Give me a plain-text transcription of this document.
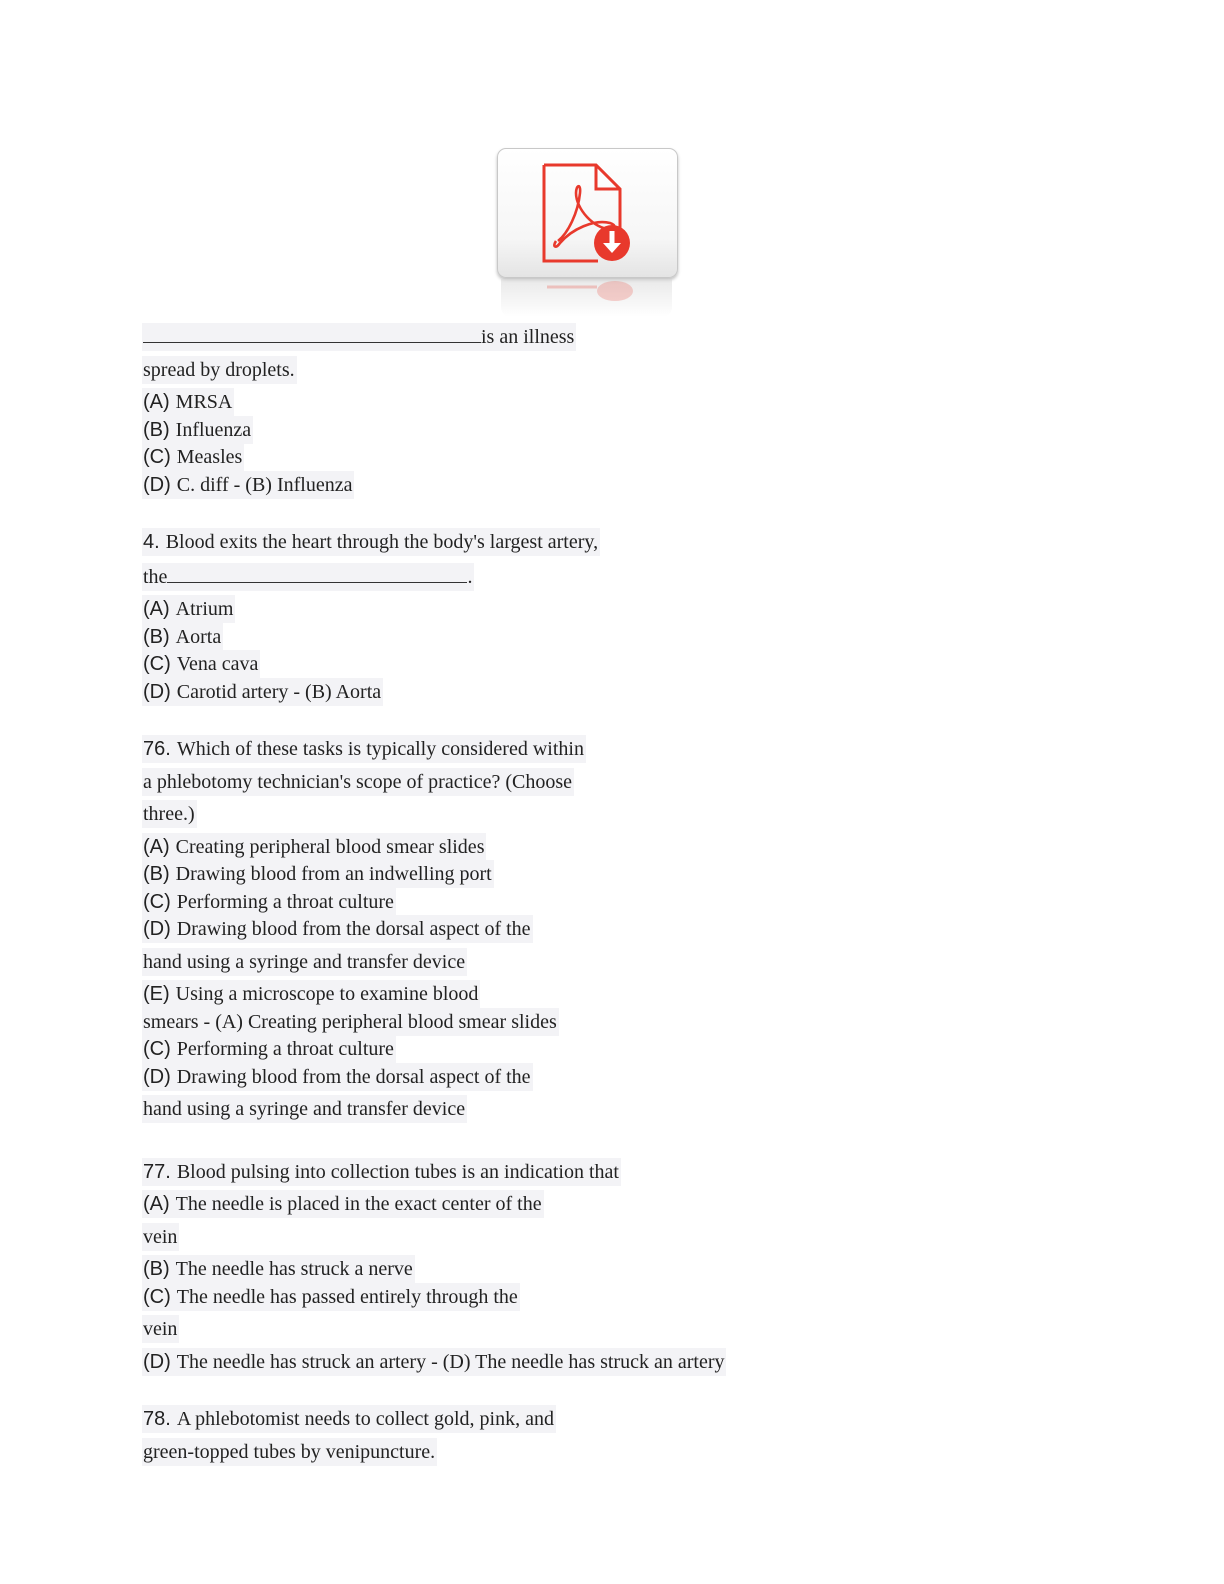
is an illness
spread by droplets.
(A) MRSA
(B) Influenza
(C) Measles
(D) C. diff - (B) Influenza
4. Blood exits the heart through the body's largest artery,
the	.
(A) Atrium
(B) Aorta
(C) Vena cava
(D) Carotid artery - (B) Aorta
76. Which of these tasks is typically considered within
a phlebotomy technician's scope of practice? (Choose
three.)
(A) Creating peripheral blood smear slides
(B) Drawing blood from an indwelling port
(C) Performing a throat culture
(D) Drawing blood from the dorsal aspect of the
hand using a syringe and transfer device
(E) Using a microscope to examine blood
smears - (A) Creating peripheral blood smear slides
(C) Performing a throat culture
(D) Drawing blood from the dorsal aspect of the
hand using a syringe and transfer device
77. Blood pulsing into collection tubes is an indication that
(A) The needle is placed in the exact center of the
vein
(B) The needle has struck a nerve
(C) The needle has passed entirely through the
vein
(D) The needle has struck an artery - (D) The needle has struck an artery
78. A phlebotomist needs to collect gold, pink, and
green-topped tubes by venipuncture.
